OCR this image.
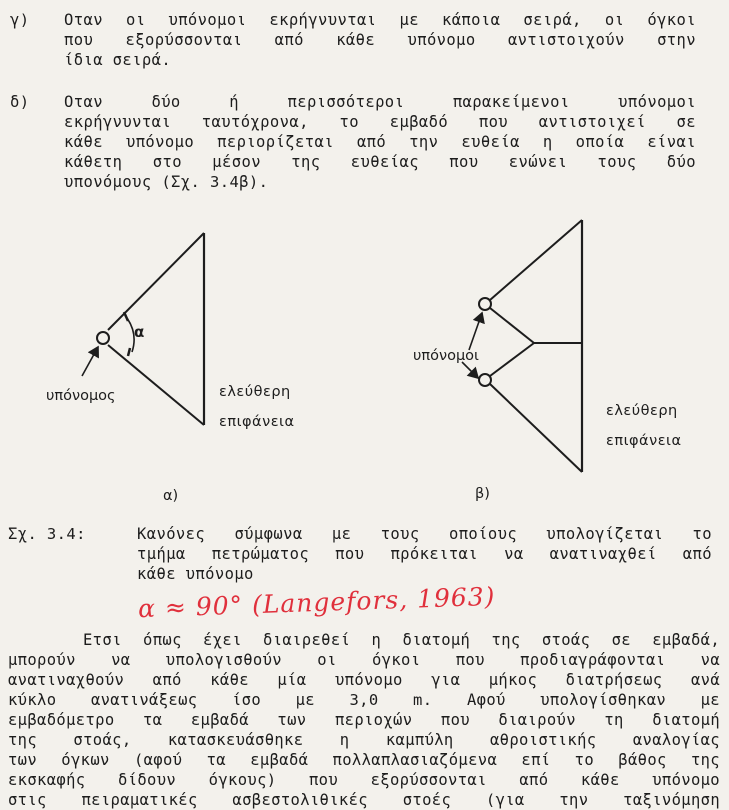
γ) Οταν οι υπόνομοι εκρήγνυνται με κάποια σειρά, οι όγκοι
που εξορύσσονται από κάθε υπόνομο αντιστοιχούν στην
ίδια σειρά.
δ) Οταν δύο ή περισσότεροι παρακείμενοι υπόνομοι
εκρήγνυνται ταυτόχρονα, το εμβαδό που αντιστοιχεί σε
κάθε υπόνομο περιορίζεται από την ευθεία η οποία είναι
κάθετη στο μέσον της ευθείας που ενώνει τους δύο
υπονόμους (Σχ. 3.4β).
α
υπόνομος	ελεύθερη
επιφάνεια
α)
υπόνομοι
ελεύθερη
επιφάνεια
β)
Σχ. 3.4:	Κανόνες σύμφωνα με τους οποίους υπολογίζεται το
τμήμα πετρώματος που πρόκειται να ανατιναχθεί από
κάθε υπόνομο
α ≈ 90° (Langefors, 1963)
Ετσι όπως έχει διαιρεθεί η διατομή της στοάς σε εμβαδά,
μπορούν να υπολογισθούν οι όγκοι που προδιαγράφονται να
ανατιναχθούν από κάθε μία υπόνομο για μήκος διατρήσεως ανά
κύκλο ανατινάξεως ίσο με 3,0 m. Αφού υπολογίσθηκαν με
εμβαδόμετρο τα εμβαδά των περιοχών που διαιρούν τη διατομή
της στοάς, κατασκευάσθηκε η καμπύλη αθροιστικής αναλογίας
των όγκων (αφού τα εμβαδά πολλαπλασιαζόμενα επί το βάθος της
εκσκαφής δίδουν όγκους) που εξορύσσονται από κάθε υπόνομο
στις πειραματικές ασβεστολιθικές στοές (για την ταξινόμηση
